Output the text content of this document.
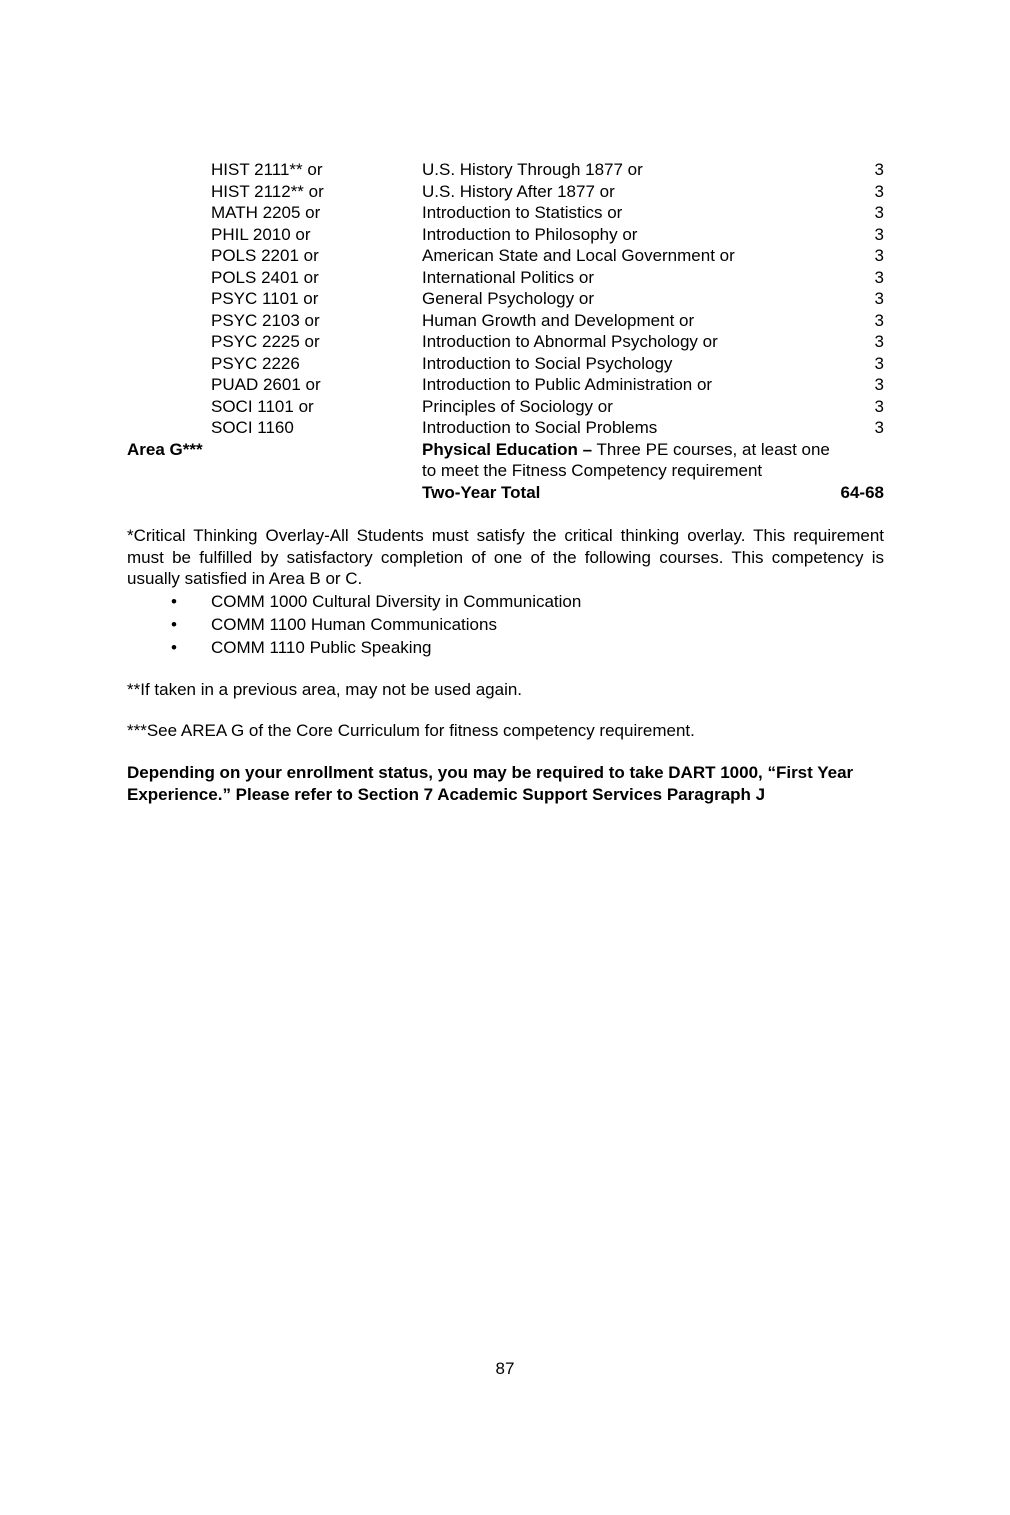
HIST 2111** or	U.S. History Through 1877 or	3
HIST 2112** or	U.S. History After 1877 or	3
MATH 2205 or	Introduction to Statistics or	3
PHIL 2010 or	Introduction to Philosophy or	3
POLS 2201 or	American State and Local Government or	3
POLS 2401 or	International Politics or	3
PSYC 1101 or	General Psychology or	3
PSYC 2103 or	Human Growth and Development or	3
PSYC 2225 or	Introduction to Abnormal Psychology or	3
PSYC 2226	Introduction to Social Psychology	3
PUAD 2601 or	Introduction to Public Administration or	3
SOCI 1101 or	Principles of Sociology or	3
SOCI 1160	Introduction to Social Problems	3
Area G***	Physical Education – Three PE courses, at least one
to meet the Fitness Competency requirement
Two-Year Total	64-68

*Critical Thinking Overlay-All Students must satisfy the critical thinking overlay. This requirement must be fulfilled by satisfactory completion of one of the following courses. This competency is usually satisfied in Area B or C.

• COMM 1000 Cultural Diversity in Communication
• COMM 1100 Human Communications
• COMM 1110 Public Speaking

**If taken in a previous area, may not be used again.

***See AREA G of the Core Curriculum for fitness competency requirement.

Depending on your enrollment status, you may be required to take DART 1000, “First Year Experience.” Please refer to Section 7 Academic Support Services Paragraph J

87
